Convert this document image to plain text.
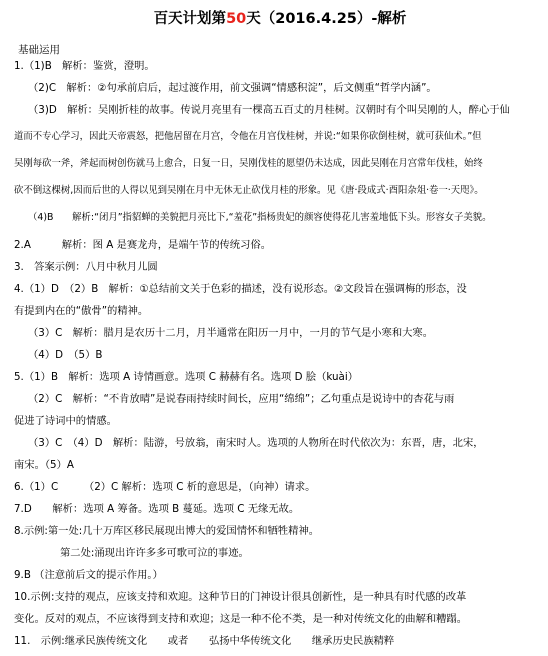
百天计划第50天（2016.4.25）-解析
基础运用

1.（1)B　解析：鉴赏，澄明。

（2)C　解析：②句承前启后，起过渡作用，前文强调“情感积淀”，后文侧重“哲学内涵”。

（3)D　解析：吴刚折桂的故事。传说月亮里有一棵高五百丈的月桂树。汉朝时有个叫吴刚的人，醉心于仙

道而不专心学习，因此天帝震怒，把他居留在月宫，令他在月宫伐桂树，并说:“如果你砍倒桂树，就可获仙术。”但

吴刚每砍一斧，斧起而树创伤就马上愈合，日复一日，吴刚伐桂的愿望仍未达成，因此吴刚在月宫常年伐桂，始终

砍不倒这棵树,因而后世的人得以见到吴刚在月中无休无止砍伐月桂的形象。见《唐·段成式·酉阳杂俎·卷一·天咫》。

（4)B　　解析:“闭月”指貂蝉的美貌把月亮比下,“羞花”指杨贵妃的颜容使得花儿害羞地低下头。形容女子美貌。

2.A　　　解析：图 A 是赛龙舟，是端午节的传统习俗。

3.　答案示例：八月中秋月儿圆

4.（1）D　（2）B　解析：①总结前文关于色彩的描述，没有说形态。②文段旨在强调梅的形态，没

有提到内在的“傲骨”的精神。

（3）C　解析：腊月是农历十二月，月半通常在阳历一月中，一月的节气是小寒和大寒。

（4）D　（5）B

5.（1）B　解析：选项 A 诗情画意。选项 C 赫赫有名。选项 D 脍（kuài）

（2）C　解析：“不肯放晴”是说春雨持续时间长，应用“绵绵”；乙句重点是说诗中的杏花与雨

促进了诗词中的情感。

（3）C　（4）D　解析：陆游，号放翁，南宋时人。选项的人物所在时代依次为：东晋，唐，北宋，

南宋。（5）A

6.（1）C　　　（2）C 解析：选项 C 析的意思是，（向神）请求。

7.D　　解析：选项 A 筹备。选项 B 蔓延。选项 C 无缘无故。

8.示例:第一处:几十万库区移民展现出博大的爱国情怀和牺牲精神。

第二处:涌现出许许多多可歌可泣的事迹。

9.B （注意前后文的提示作用。）

10.示例:支持的观点，应该支持和欢迎。这种节日的门神设计很具创新性，是一种具有时代感的改革

变化。反对的观点，不应该得到支持和欢迎；这是一种不伦不类，是一种对传统文化的曲解和糟蹋。

11.　示例:继承民族传统文化　　或者　　弘扬中华传统文化　　继承历史民族精粹
